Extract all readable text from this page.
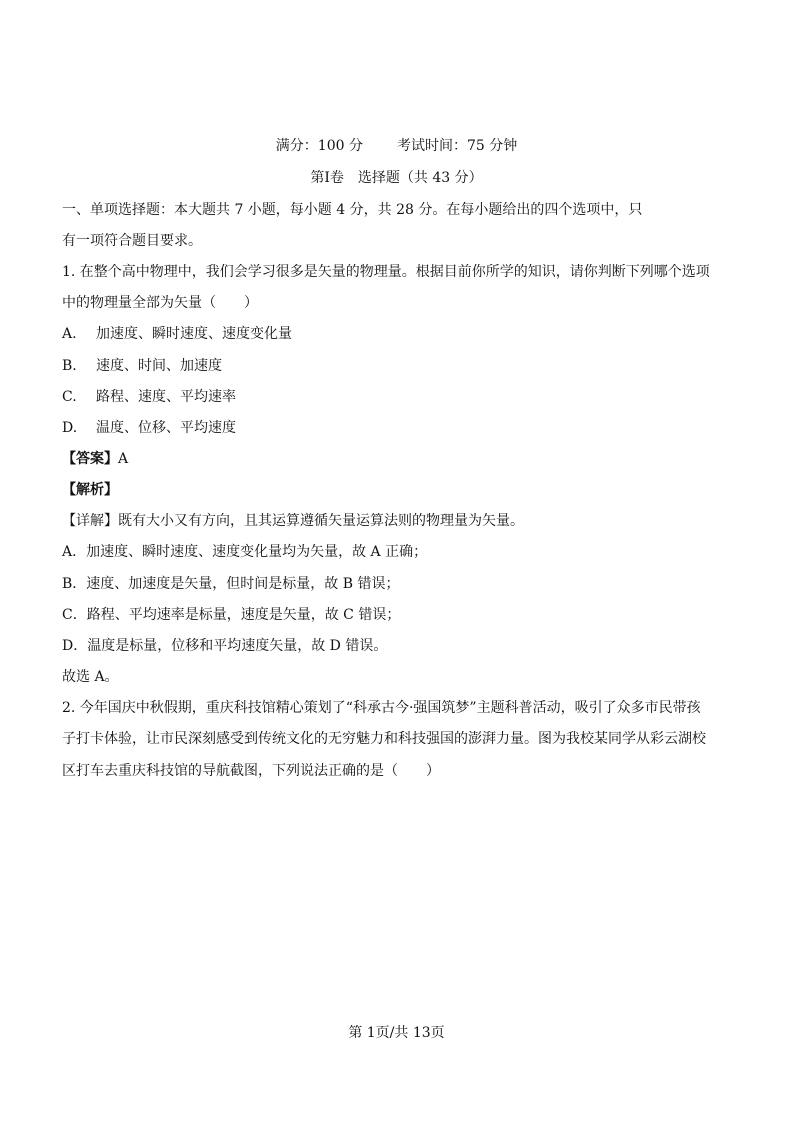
满分：100 分 考试时间：75 分钟
第Ⅰ卷　选择题（共 43 分）
一、单项选择题：本大题共 7 小题，每小题 4 分，共 28 分。在每小题给出的四个选项中，只
有一项符合题目要求。
1. 在整个高中物理中，我们会学习很多是矢量的物理量。根据目前你所学的知识，请你判断下列哪个选项
中的物理量全部为矢量（　　）
A. 加速度、瞬时速度、速度变化量
B. 速度、时间、加速度
C. 路程、速度、平均速率
D. 温度、位移、平均速度
【答案】A
【解析】
【详解】既有大小又有方向，且其运算遵循矢量运算法则的物理量为矢量。
A．加速度、瞬时速度、速度变化量均为矢量，故 A 正确；
B．速度、加速度是矢量，但时间是标量，故 B 错误；
C．路程、平均速率是标量，速度是矢量，故 C 错误；
D．温度是标量，位移和平均速度矢量，故 D 错误。
故选 A。
2. 今年国庆中秋假期，重庆科技馆精心策划了“科承古今·强国筑梦”主题科普活动，吸引了众多市民带孩
子打卡体验，让市民深刻感受到传统文化的无穷魅力和科技强国的澎湃力量。图为我校某同学从彩云湖校
区打车去重庆科技馆的导航截图，下列说法正确的是（　　）
第 1页/共 13页
